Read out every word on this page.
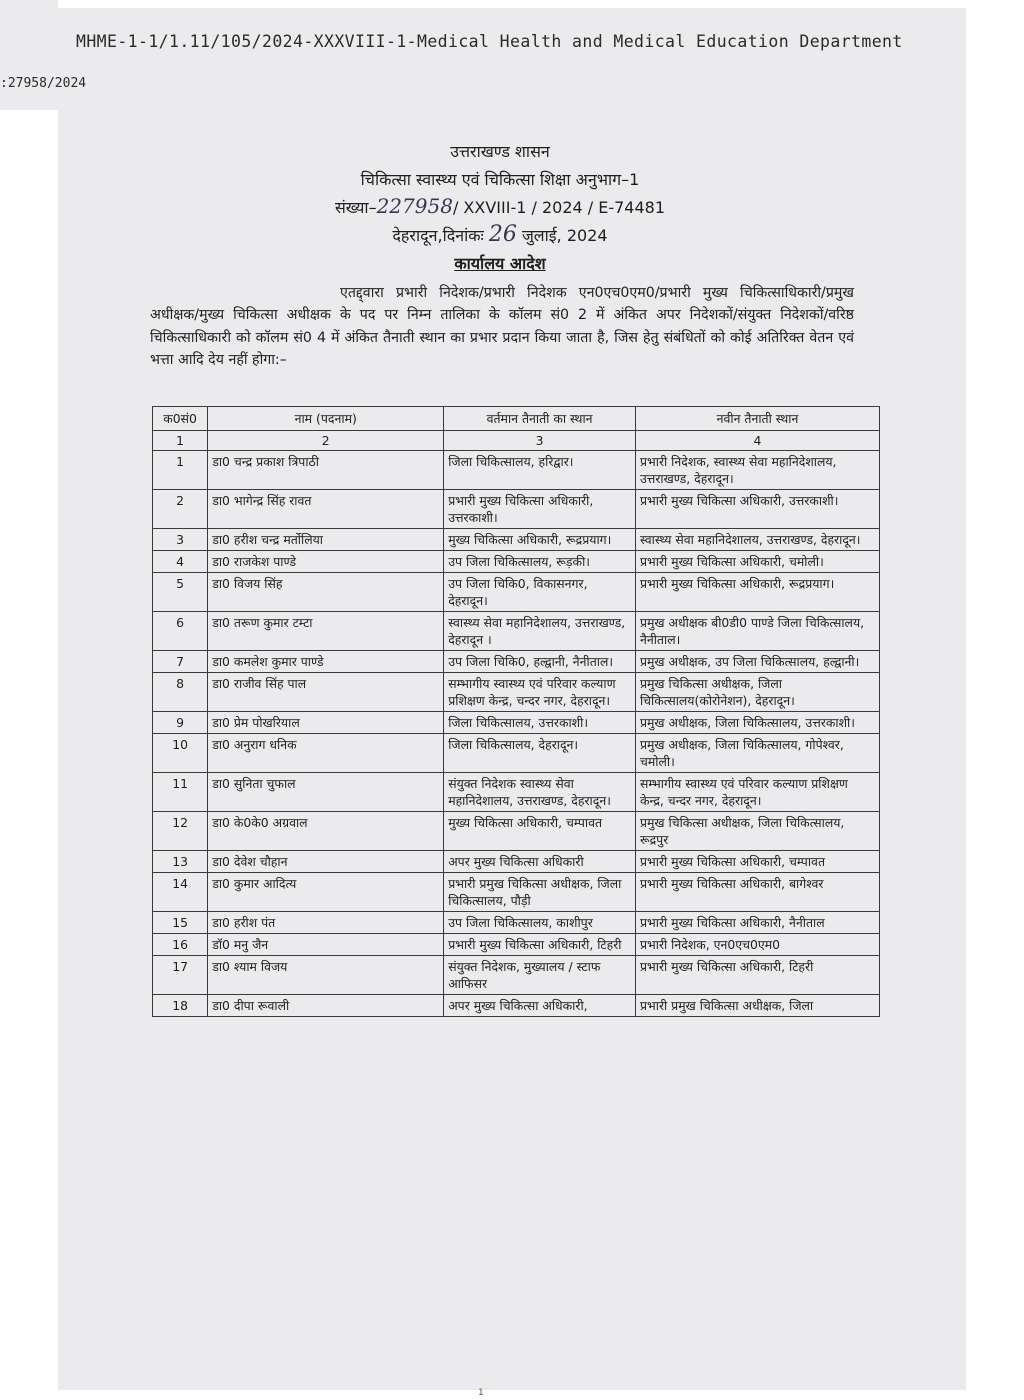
MHME-1-1/1.11/105/2024-XXXVIII-1-Medical Health and Medical Education Department
:27958/2024
उत्तराखण्ड शासन
चिकित्सा स्वास्थ्य एवं चिकित्सा शिक्षा अनुभाग–1
संख्या–227958/ XXVIII-1 / 2024 / E-74481
देहरादून,दिनांकः 26 जुलाई, 2024
कार्यालय आदेश
एतद्द्वारा प्रभारी निदेशक/प्रभारी निदेशक एन0एच0एम0/प्रभारी मुख्य चिकित्साधिकारी/प्रमुख अधीक्षक/मुख्य चिकित्सा अधीक्षक के पद पर निम्न तालिका के कॉलम सं0 2 में अंकित अपर निदेशकों/संयुक्त निदेशकों/वरिष्ठ चिकित्साधिकारी को कॉलम सं0 4 में अंकित तैनाती स्थान का प्रभार प्रदान किया जाता है, जिस हेतु संबंधितों को कोई अतिरिक्त वेतन एवं भत्ता आदि देय नहीं होगा:–
क0सं0	नाम (पदनाम)	वर्तमान तैनाती का स्थान	नवीन तैनाती स्थान
1	2	3	4
1	डा0 चन्द्र प्रकाश त्रिपाठी	जिला चिकित्सालय, हरिद्वार।	प्रभारी निदेशक, स्वास्थ्य सेवा महानिदेशालय, उत्तराखण्ड, देहरादून।
2	डा0 भागेन्द्र सिंह रावत	प्रभारी मुख्य चिकित्सा अधिकारी, उत्तरकाशी।	प्रभारी मुख्य चिकित्सा अधिकारी, उत्तरकाशी।
3	डा0 हरीश चन्द्र मर्तोलिया	मुख्य चिकित्सा अधिकारी, रूद्रप्रयाग।	स्वास्थ्य सेवा महानिदेशालय, उत्तराखण्ड, देहरादून।
4	डा0 राजकेश पाण्डे	उप जिला चिकित्सालय, रूड़की।	प्रभारी मुख्य चिकित्सा अधिकारी, चमोली।
5	डा0 विजय सिंह	उप जिला चिकि0, विकासनगर, देहरादून।	प्रभारी मुख्य चिकित्सा अधिकारी, रूद्रप्रयाग।
6	डा0 तरूण कुमार टम्टा	स्वास्थ्य सेवा महानिदेशालय, उत्तराखण्ड, देहरादून ।	प्रमुख अधीक्षक बी0डी0 पाण्डे जिला चिकित्सालय, नैनीताल।
7	डा0 कमलेश कुमार पाण्डे	उप जिला चिकि0, हल्द्वानी, नैनीताल।	प्रमुख अधीक्षक, उप जिला चिकित्सालय, हल्द्वानी।
8	डा0 राजीव सिंह पाल	सम्भागीय स्वास्थ्य एवं परिवार कल्याण प्रशिक्षण केन्द्र, चन्दर नगर, देहरादून।	प्रमुख चिकित्सा अधीक्षक, जिला चिकित्सालय(कोरोनेशन), देहरादून।
9	डा0 प्रेम पोखरियाल	जिला चिकित्सालय, उत्तरकाशी।	प्रमुख अधीक्षक, जिला चिकित्सालय, उत्तरकाशी।
10	डा0 अनुराग धनिक	जिला चिकित्सालय, देहरादून।	प्रमुख अधीक्षक, जिला चिकित्सालय, गोपेश्वर, चमोली।
11	डा0 सुनिता चुफाल	संयुक्त निदेशक स्वास्थ्य सेवा महानिदेशालय, उत्तराखण्ड, देहरादून।	सम्भागीय स्वास्थ्य एवं परिवार कल्याण प्रशिक्षण केन्द्र, चन्दर नगर, देहरादून।
12	डा0 के0के0 अग्रवाल	मुख्य चिकित्सा अधिकारी, चम्पावत	प्रमुख चिकित्सा अधीक्षक, जिला चिकित्सालय, रूद्रपुर
13	डा0 देवेश चौहान	अपर मुख्य चिकित्सा अधिकारी	प्रभारी मुख्य चिकित्सा अधिकारी, चम्पावत
14	डा0 कुमार आदित्य	प्रभारी प्रमुख चिकित्सा अधीक्षक, जिला चिकित्सालय, पौड़ी	प्रभारी मुख्य चिकित्सा अधिकारी, बागेश्वर
15	डा0 हरीश पंत	उप जिला चिकित्सालय, काशीपुर	प्रभारी मुख्य चिकित्सा अधिकारी, नैनीताल
16	डॉ0 मनु जैन	प्रभारी मुख्य चिकित्सा अधिकारी, टिहरी	प्रभारी निदेशक, एन0एच0एम0
17	डा0 श्याम विजय	संयुक्त निदेशक, मुख्यालय / स्टाफ आफिसर	प्रभारी मुख्य चिकित्सा अधिकारी, टिहरी
18	डा0 दीपा रूवाली	अपर मुख्य चिकित्सा अधिकारी,	प्रभारी प्रमुख चिकित्सा अधीक्षक, जिला
1
